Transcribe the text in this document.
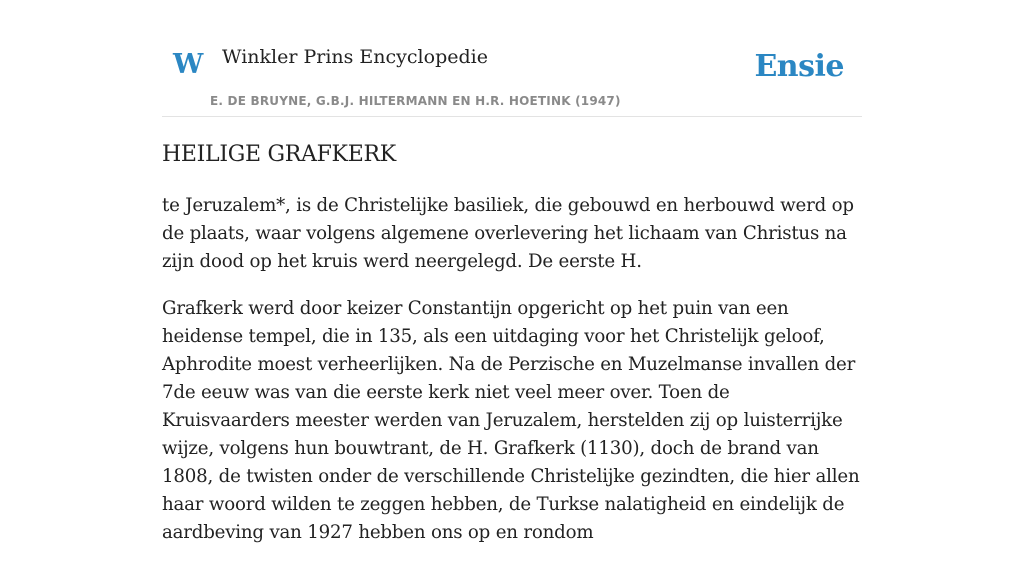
W Winkler Prins Encyclopedie
E. DE BRUYNE, G.B.J. HILTERMANN EN H.R. HOETINK (1947)
Ensie
HEILIGE GRAFKERK

te Jeruzalem*, is de Christelijke basiliek, die gebouwd en herbouwd werd op de plaats, waar volgens algemene overlevering het lichaam van Christus na zijn dood op het kruis werd neergelegd. De eerste H.

Grafkerk werd door keizer Constantijn opgericht op het puin van een heidense tempel, die in 135, als een uitdaging voor het Christelijk geloof, Aphrodite moest verheerlijken. Na de Perzische en Muzelmanse invallen der 7de eeuw was van die eerste kerk niet veel meer over. Toen de Kruisvaarders meester werden van Jeruzalem, herstelden zij op luisterrijke wijze, volgens hun bouwtrant, de H. Grafkerk (1130), doch de brand van 1808, de twisten onder de verschillende Christelijke gezindten, die hier allen haar woord wilden te zeggen hebben, de Turkse nalatigheid en eindelijk de aardbeving van 1927 hebben ons op en rondom
